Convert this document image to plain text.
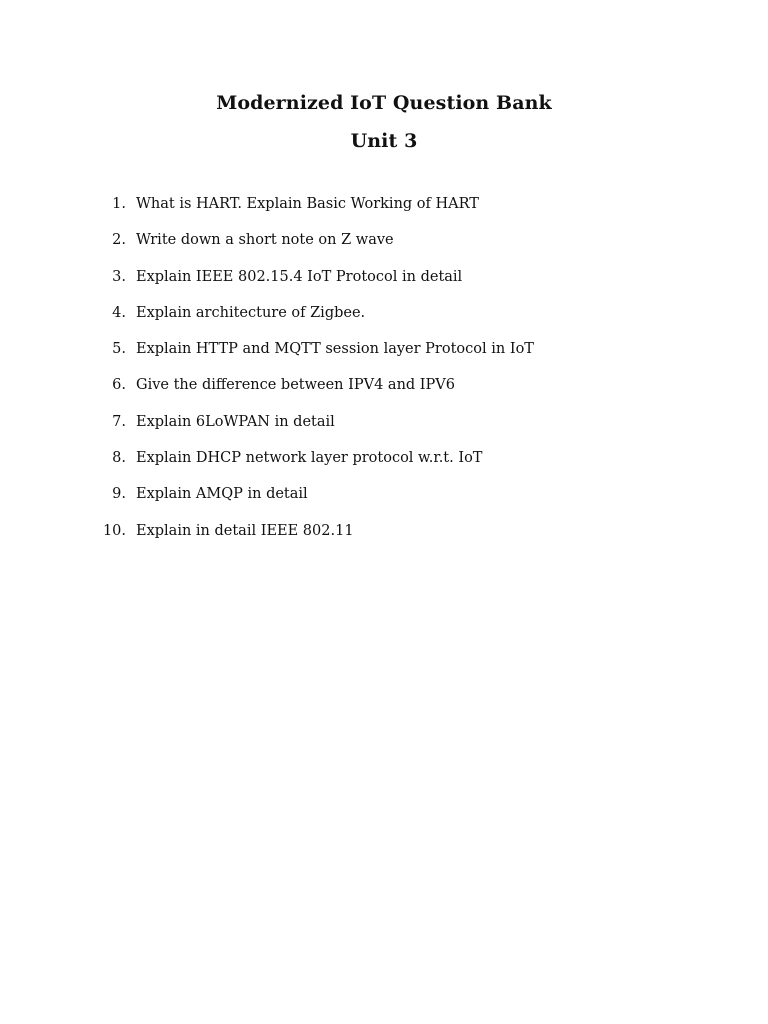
Modernized IoT Question Bank
Unit 3
1. What is HART. Explain Basic Working of HART
2. Write down a short note on Z wave
3. Explain IEEE 802.15.4 IoT Protocol in detail
4. Explain architecture of Zigbee.
5. Explain HTTP and MQTT session layer Protocol in IoT
6. Give the difference between IPV4 and IPV6
7. Explain 6LoWPAN in detail
8. Explain DHCP network layer protocol w.r.t. IoT
9. Explain AMQP in detail
10. Explain in detail IEEE 802.11
